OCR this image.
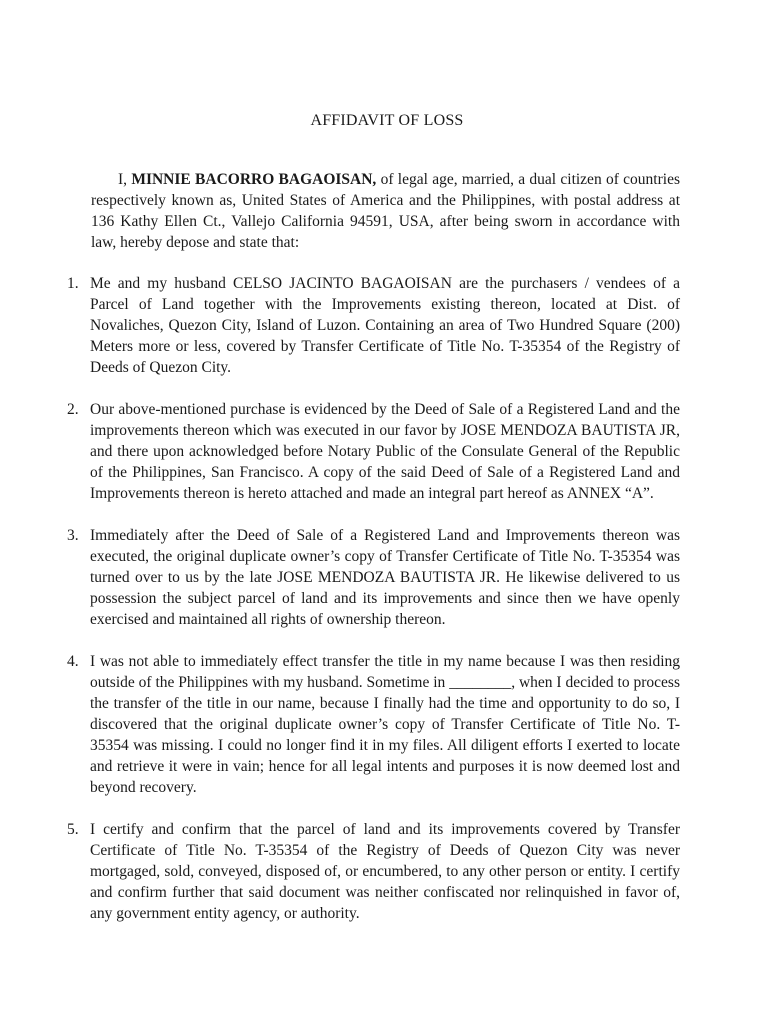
AFFIDAVIT OF LOSS

I, MINNIE BACORRO BAGAOISAN, of legal age, married, a dual citizen of countries respectively known as, United States of America and the Philippines, with postal address at 136 Kathy Ellen Ct., Vallejo California 94591, USA, after being sworn in accordance with law, hereby depose and state that:

1. Me and my husband CELSO JACINTO BAGAOISAN are the purchasers / vendees of a Parcel of Land together with the Improvements existing thereon, located at Dist. of Novaliches, Quezon City, Island of Luzon. Containing an area of Two Hundred Square (200) Meters more or less, covered by Transfer Certificate of Title No. T-35354 of the Registry of Deeds of Quezon City.

2. Our above-mentioned purchase is evidenced by the Deed of Sale of a Registered Land and the improvements thereon which was executed in our favor by JOSE MENDOZA BAUTISTA JR, and there upon acknowledged before Notary Public of the Consulate General of the Republic of the Philippines, San Francisco. A copy of the said Deed of Sale of a Registered Land and Improvements thereon is hereto attached and made an integral part hereof as ANNEX “A”.

3. Immediately after the Deed of Sale of a Registered Land and Improvements thereon was executed, the original duplicate owner’s copy of Transfer Certificate of Title No. T-35354 was turned over to us by the late JOSE MENDOZA BAUTISTA JR. He likewise delivered to us possession the subject parcel of land and its improvements and since then we have openly exercised and maintained all rights of ownership thereon.

4. I was not able to immediately effect transfer the title in my name because I was then residing outside of the Philippines with my husband. Sometime in ________, when I decided to process the transfer of the title in our name, because I finally had the time and opportunity to do so, I discovered that the original duplicate owner’s copy of Transfer Certificate of Title No. T- 35354 was missing. I could no longer find it in my files. All diligent efforts I exerted to locate and retrieve it were in vain; hence for all legal intents and purposes it is now deemed lost and beyond recovery.

5. I certify and confirm that the parcel of land and its improvements covered by Transfer Certificate of Title No. T-35354 of the Registry of Deeds of Quezon City was never mortgaged, sold, conveyed, disposed of, or encumbered, to any other person or entity. I certify and confirm further that said document was neither confiscated nor relinquished in favor of, any government entity agency, or authority.
